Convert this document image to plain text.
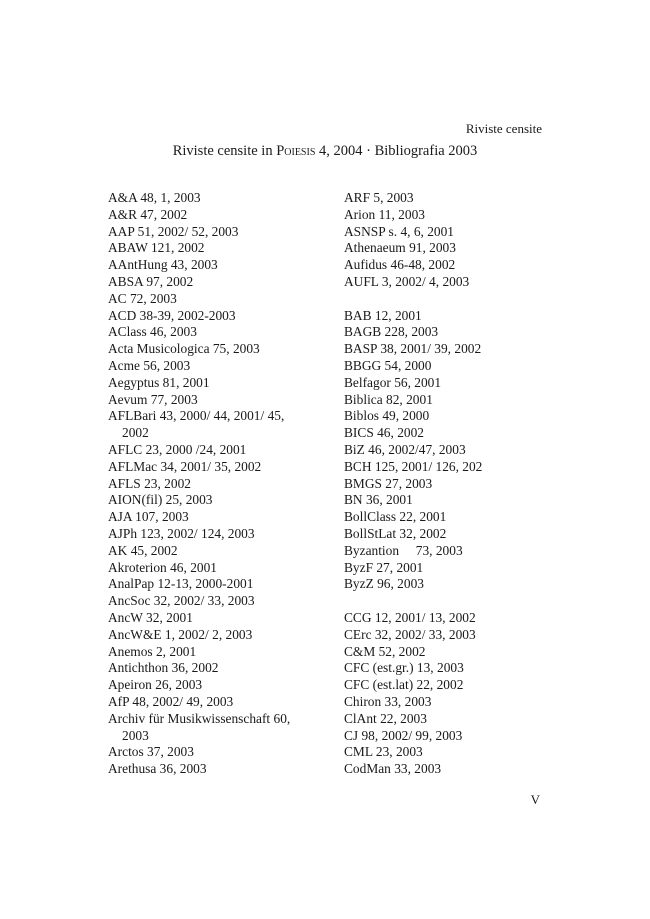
Riviste censite
Riviste censite in Poiesis 4, 2004 · Bibliografia 2003
A&A 48, 1, 2003
A&R 47, 2002
AAP 51, 2002/ 52, 2003
ABAW 121, 2002
AAntHung 43, 2003
ABSA 97, 2002
AC 72, 2003
ACD 38-39, 2002-2003
AClass 46, 2003
Acta Musicologica 75, 2003
Acme 56, 2003
Aegyptus 81, 2001
Aevum 77, 2003
AFLBari 43, 2000/ 44, 2001/ 45,
2002
AFLC 23, 2000 /24, 2001
AFLMac 34, 2001/ 35, 2002
AFLS 23, 2002
AION(fil) 25, 2003
AJA 107, 2003
AJPh 123, 2002/ 124, 2003
AK 45, 2002
Akroterion 46, 2001
AnalPap 12-13, 2000-2001
AncSoc 32, 2002/ 33, 2003
AncW 32, 2001
AncW&E 1, 2002/ 2, 2003
Anemos 2, 2001
Antichthon 36, 2002
Apeiron 26, 2003
AfP 48, 2002/ 49, 2003
Archiv für Musikwissenschaft 60,
2003
Arctos 37, 2003
Arethusa 36, 2003
ARF 5, 2003
Arion 11, 2003
ASNSP s. 4, 6, 2001
Athenaeum 91, 2003
Aufidus 46-48, 2002
AUFL 3, 2002/ 4, 2003
BAB 12, 2001
BAGB 228, 2003
BASP 38, 2001/ 39, 2002
BBGG 54, 2000
Belfagor 56, 2001
Biblica 82, 2001
Biblos 49, 2000
BICS 46, 2002
BiZ 46, 2002/47, 2003
BCH 125, 2001/ 126, 202
BMGS 27, 2003
BN 36, 2001
BollClass 22, 2001
BollStLat 32, 2002
Byzantion     73, 2003
ByzF 27, 2001
ByzZ 96, 2003
CCG 12, 2001/ 13, 2002
CErc 32, 2002/ 33, 2003
C&M 52, 2002
CFC (est.gr.) 13, 2003
CFC (est.lat) 22, 2002
Chiron 33, 2003
ClAnt 22, 2003
CJ 98, 2002/ 99, 2003
CML 23, 2003
CodMan 33, 2003
V
